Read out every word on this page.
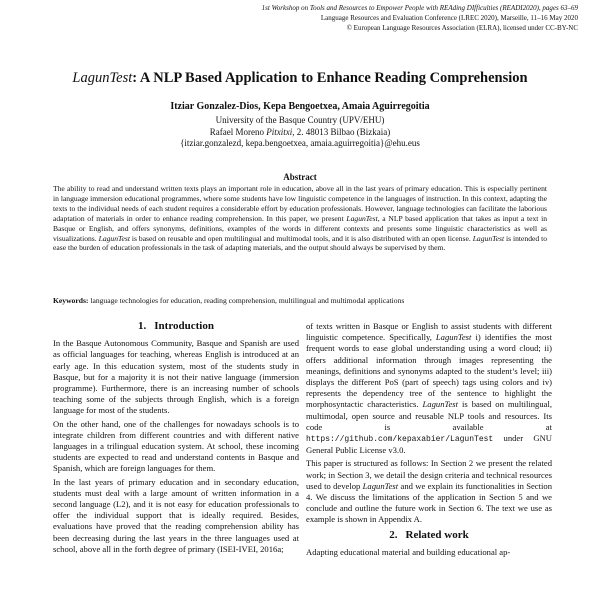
1st Workshop on Tools and Resources to Empower People with REAding DIfficulties (READI2020), pages 63–69
Language Resources and Evaluation Conference (LREC 2020), Marseille, 11–16 May 2020
© European Language Resources Association (ELRA), licensed under CC-BY-NC
LagunTest: A NLP Based Application to Enhance Reading Comprehension
Itziar Gonzalez-Dios, Kepa Bengoetxea, Amaia Aguirregoitia
University of the Basque Country (UPV/EHU)
Rafael Moreno Pitxitxi, 2. 48013 Bilbao (Bizkaia)
{itziar.gonzalezd, kepa.bengoetxea, amaia.aguirregoitia}@ehu.eus
Abstract
The ability to read and understand written texts plays an important role in education, above all in the last years of primary education. This is especially pertinent in language immersion educational programmes, where some students have low linguistic competence in the languages of instruction. In this context, adapting the texts to the individual needs of each student requires a considerable effort by education professionals. However, language technologies can facilitate the laborious adaptation of materials in order to enhance reading comprehension. In this paper, we present LagunTest, a NLP based application that takes as input a text in Basque or English, and offers synonyms, definitions, examples of the words in different contexts and presents some linguistic characteristics as well as visualizations. LagunTest is based on reusable and open multilingual and multimodal tools, and it is also distributed with an open license. LagunTest is intended to ease the burden of education professionals in the task of adapting materials, and the output should always be supervised by them.
Keywords: language technologies for education, reading comprehension, multilingual and multimodal applications
1. Introduction

In the Basque Autonomous Community, Basque and Spanish are used as official languages for teaching, whereas English is introduced at an early age. In this education system, most of the students study in Basque, but for a majority it is not their native language (immersion programme). Furthermore, there is an increasing number of schools teaching some of the subjects through English, which is a foreign language for most of the students.

On the other hand, one of the challenges for nowadays schools is to integrate children from different countries and with different native languages in a trilingual education system. At school, these incoming students are expected to read and understand contents in Basque and Spanish, which are foreign languages for them.

In the last years of primary education and in secondary education, students must deal with a large amount of written information in a second language (L2), and it is not easy for education professionals to offer the individual support that is ideally required. Besides, evaluations have proved that the reading comprehension ability has been decreasing during the last years in the three languages used at school, above all in the forth degree of primary (ISEI-IVEI, 2016a;

of texts written in Basque or English to assist students with different linguistic competence. Specifically, LagunTest i) identifies the most frequent words to ease global understanding using a word cloud; ii) offers additional information through images representing the meanings, definitions and synonyms adapted to the student’s level; iii) displays the different PoS (part of speech) tags using colors and iv) represents the dependency tree of the sentence to highlight the morphosyntactic characteristics. LagunTest is based on multilingual, multimodal, open source and reusable NLP tools and resources. Its code is available at https://github.com/kepaxabier/LagunTest under GNU General Public License v3.0.

This paper is structured as follows: In Section 2 we present the related work; in Section 3, we detail the design criteria and technical resources used to develop LagunTest and we explain its functionalities in Section 4. We discuss the limitations of the application in Section 5 and we conclude and outline the future work in Section 6. The text we use as example is shown in Appendix A.

2. Related work

Adapting educational material and building educational ap-
